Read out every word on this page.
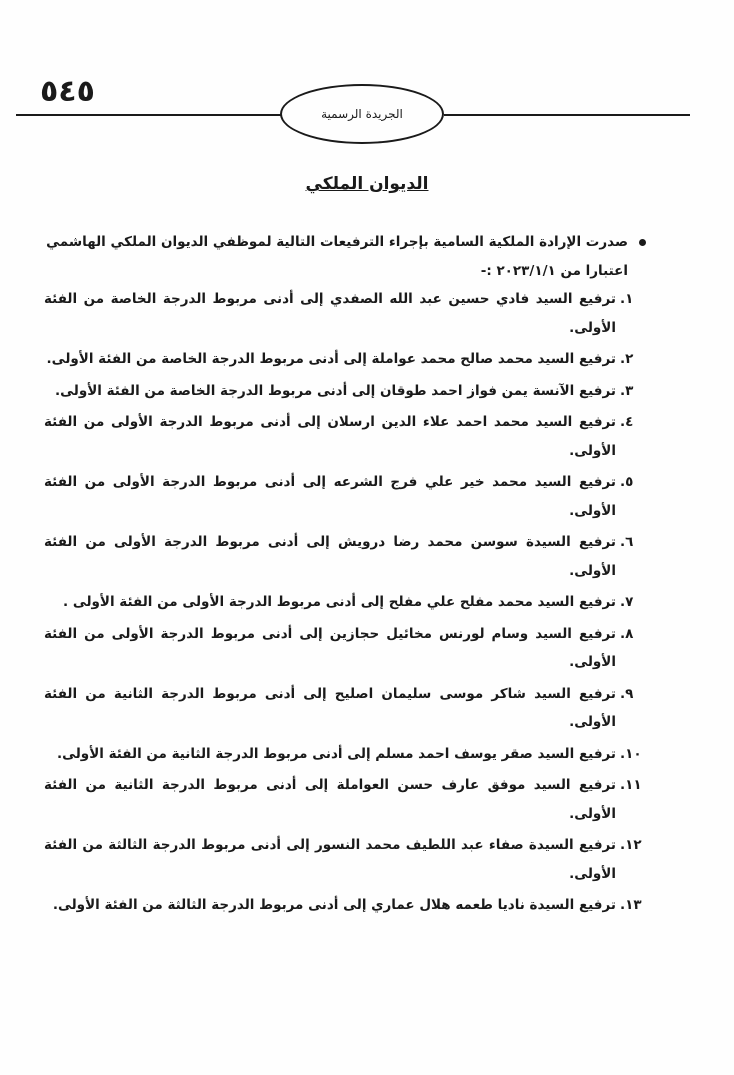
٥٤٥
الجريدة الرسمية
الديوان الملكي
صدرت الإرادة الملكية السامية بإجراء الترفيعات التالية لموظفي الديوان الملكي الهاشمي اعتبارا من ٢٠٢٣/١/١ :-
١.
ترفيع السيد فادي حسين عبد الله الصفدي إلى أدنى مربوط الدرجة الخاصة من الفئة الأولى.
٢.
ترفيع السيد محمد صالح محمد عواملة إلى أدنى مربوط الدرجة الخاصة من الفئة الأولى.
٣.
ترفيع الآنسة يمن فواز احمد طوقان إلى أدنى مربوط الدرجة الخاصة من الفئة الأولى.
٤.
ترفيع السيد محمد احمد علاء الدين ارسلان إلى أدنى مربوط الدرجة الأولى من الفئة الأولى.
٥.
ترفيع السيد محمد خير علي فرج الشرعه إلى أدنى مربوط الدرجة الأولى من الفئة الأولى.
٦.
ترفيع السيدة سوسن محمد رضا درويش إلى أدنى مربوط الدرجة الأولى من الفئة الأولى.
٧.
ترفيع السيد محمد مفلح علي مفلح إلى أدنى مربوط الدرجة الأولى من الفئة الأولى .
٨.
ترفيع السيد وسام لورنس مخائيل حجازين إلى أدنى مربوط الدرجة الأولى من الفئة الأولى.
٩.
ترفيع السيد شاكر موسى سليمان اصليح إلى أدنى مربوط الدرجة الثانية من الفئة الأولى.
١٠.
ترفيع السيد صقر يوسف احمد مسلم إلى أدنى مربوط الدرجة الثانية من الفئة الأولى.
١١.
ترفيع السيد موفق عارف حسن العواملة إلى أدنى مربوط الدرجة الثانية من الفئة الأولى.
١٢.
ترفيع السيدة صفاء عبد اللطيف محمد النسور إلى أدنى مربوط الدرجة الثالثة من الفئة الأولى.
١٣.
ترفيع السيدة ناديا طعمه هلال عماري إلى أدنى مربوط الدرجة الثالثة من الفئة الأولى.
